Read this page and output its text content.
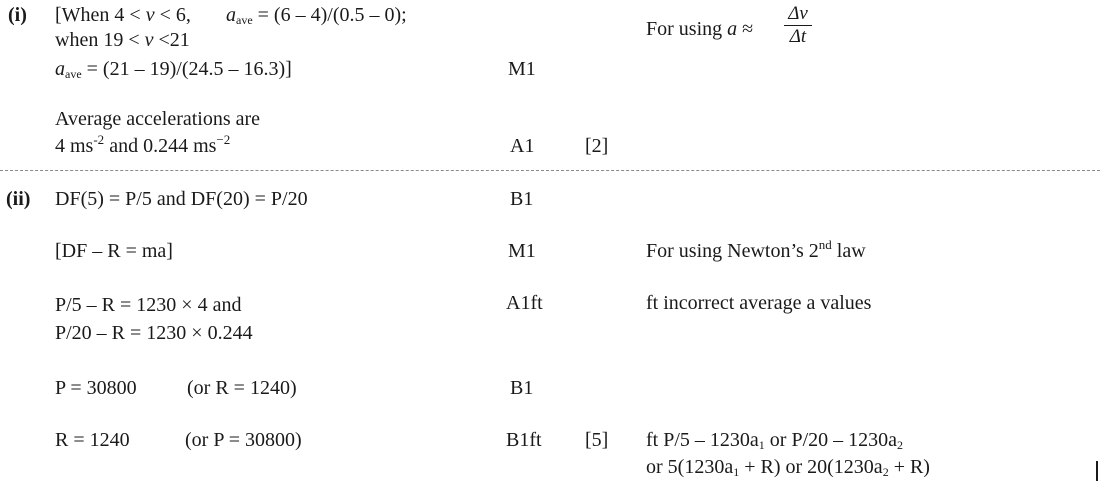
(i) [When 4 < v < 6, $a_{ave} = (6 - 4)/(0.5 - 0)$;
when 19 < v <21
$a_{ave} = (21 - 19)/(24.5 - 16.3)$]	M1
For using a ≈
Δv
Δt
Average accelerations are
4 $ms^{-2}$ and 0.244 $ms^{-2}$	A1	[2]
(ii) DF(5) = P/5 and DF(20) = P/20	B1
[DF – R = ma]	M1	For using Newton’s 2nd law
P/5 – R = 1230 × 4 and
P/20 – R = 1230 × 0.244
A1ft	ft incorrect average a values
P = 30800	(or R = 1240)	B1
R = 1240	(or P = 30800)	B1ft [5] ft $P/5 - 1230a_1$ or $P/20 - 1230a_2$
or $5(1230a_1 + R)$ or $20(1230a_2 + R)$
